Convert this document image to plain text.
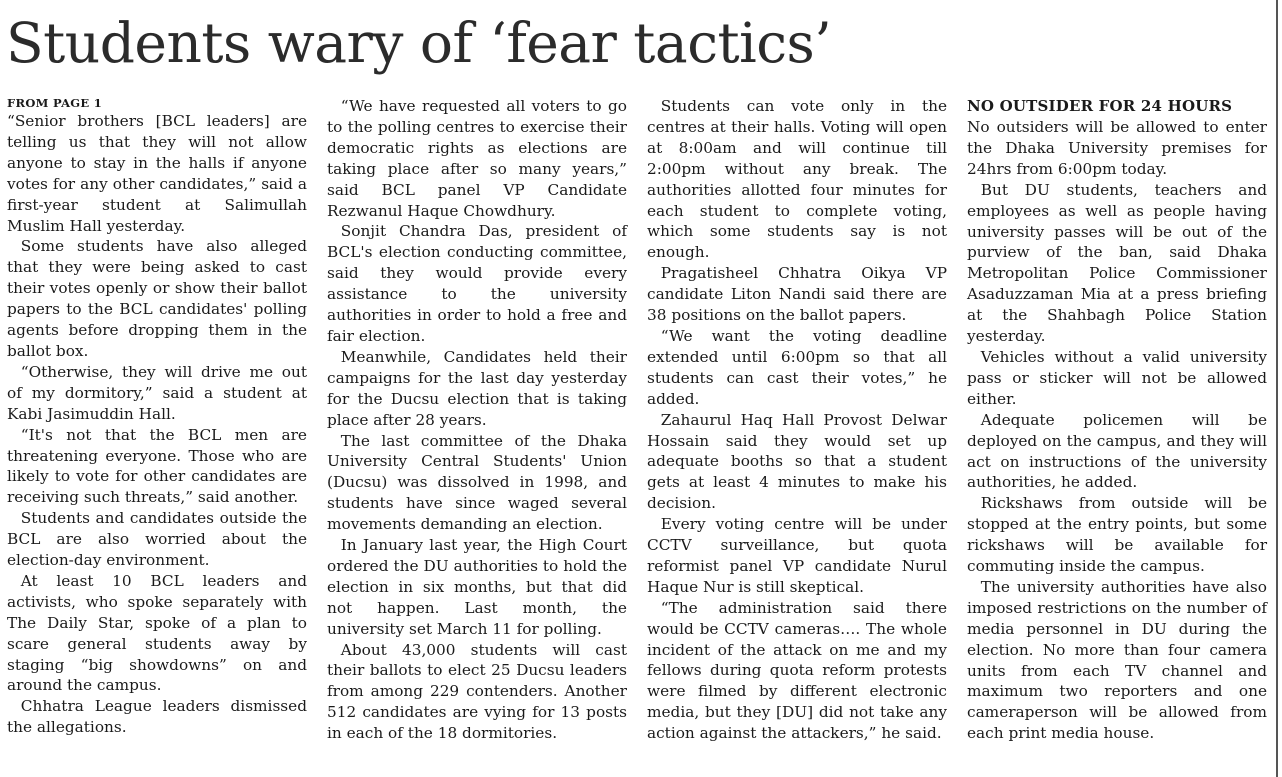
Students wary of ‘fear tactics’
FROM PAGE 1

“Senior brothers [BCL leaders] are telling us that they will not allow anyone to stay in the halls if anyone votes for any other candidates,” said a first-year student at Salimullah Muslim Hall yesterday.

Some students have also alleged that they were being asked to cast their votes openly or show their ballot papers to the BCL candidates' polling agents before dropping them in the ballot box.

“Otherwise, they will drive me out of my dormitory,” said a student at Kabi Jasimuddin Hall.

“It's not that the BCL men are threatening everyone. Those who are likely to vote for other candidates are receiving such threats,” said another.

Students and candidates outside the BCL are also worried about the election-day environment.

At least 10 BCL leaders and activists, who spoke separately with The Daily Star, spoke of a plan to scare general students away by staging “big showdowns” on and around the campus.

Chhatra League leaders dismissed the allegations.

“We have requested all voters to go to the polling centres to exercise their democratic rights as elections are taking place after so many years,” said BCL panel VP Candidate Rezwanul Haque Chowdhury.

Sonjit Chandra Das, president of BCL's election conducting committee, said they would provide every assistance to the university authorities in order to hold a free and fair election.

Meanwhile, Candidates held their campaigns for the last day yesterday for the Ducsu election that is taking place after 28 years.

The last committee of the Dhaka University Central Students' Union (Ducsu) was dissolved in 1998, and students have since waged several movements demanding an election.

In January last year, the High Court ordered the DU authorities to hold the election in six months, but that did not happen. Last month, the university set March 11 for polling.

About 43,000 students will cast their ballots to elect 25 Ducsu leaders from among 229 contenders. Another 512 candidates are vying for 13 posts in each of the 18 dormitories.

Students can vote only in the centres at their halls. Voting will open at 8:00am and will continue till 2:00pm without any break. The authorities allotted four minutes for each student to complete voting, which some students say is not enough.

Pragatisheel Chhatra Oikya VP candidate Liton Nandi said there are 38 positions on the ballot papers.

“We want the voting deadline extended until 6:00pm so that all students can cast their votes,” he added.

Zahaurul Haq Hall Provost Delwar Hossain said they would set up adequate booths so that a student gets at least 4 minutes to make his decision.

Every voting centre will be under CCTV surveillance, but quota reformist panel VP candidate Nurul Haque Nur is still skeptical.

“The administration said there would be CCTV cameras…. The whole incident of the attack on me and my fellows during quota reform protests were filmed by different electronic media, but they [DU] did not take any action against the attackers,” he said.

NO OUTSIDER FOR 24 HOURS

No outsiders will be allowed to enter the Dhaka University premises for 24hrs from 6:00pm today.

But DU students, teachers and employees as well as people having university passes will be out of the purview of the ban, said Dhaka Metropolitan Police Commissioner Asaduzzaman Mia at a press briefing at the Shahbagh Police Station yesterday.

Vehicles without a valid university pass or sticker will not be allowed either.

Adequate policemen will be deployed on the campus, and they will act on instructions of the university authorities, he added.

Rickshaws from outside will be stopped at the entry points, but some rickshaws will be available for commuting inside the campus.

The university authorities have also imposed restrictions on the number of media personnel in DU during the election. No more than four camera units from each TV channel and maximum two reporters and one cameraperson will be allowed from each print media house.
